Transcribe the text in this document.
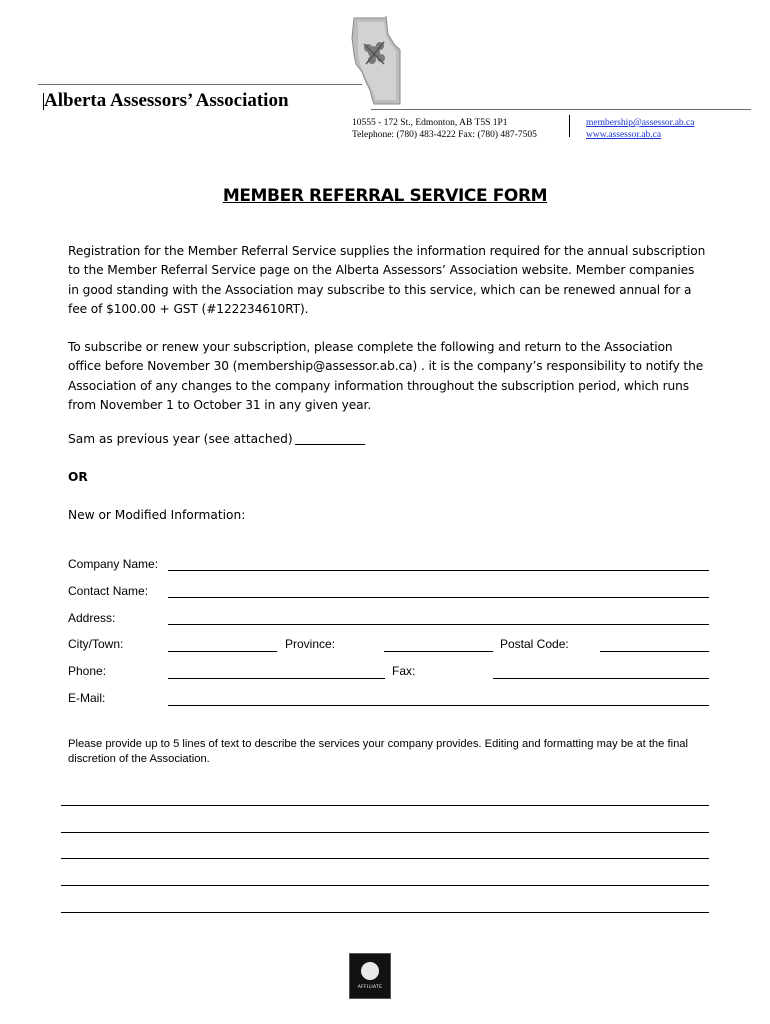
Alberta Assessors’ Association
10555 - 172 St., Edmonton, AB T5S 1P1
Telephone: (780) 483-4222 Fax: (780) 487-7505
membership@assessor.ab.ca
www.assessor.ab.ca
MEMBER REFERRAL SERVICE FORM
Registration for the Member Referral Service supplies the information required for the annual subscription to the Member Referral Service page on the Alberta Assessors’ Association website. Member companies in good standing with the Association may subscribe to this service, which can be renewed annual for a fee of $100.00 + GST (#122234610RT).
To subscribe or renew your subscription, please complete the following and return to the Association office before November 30 (membership@assessor.ab.ca) . it is the company’s responsibility to notify the Association of any changes to the company information throughout the subscription period, which runs from November 1 to October 31 in any given year.
Sam as previous year (see attached)
OR
New or Modified Information:
Company Name:
Contact Name:
Address:
City/Town:	Province:	Postal Code:
Phone:	Fax:
E-Mail:
Please provide up to 5 lines of text to describe the services your company provides. Editing and formatting may be at the final discretion of the Association.
AFFILIATE
